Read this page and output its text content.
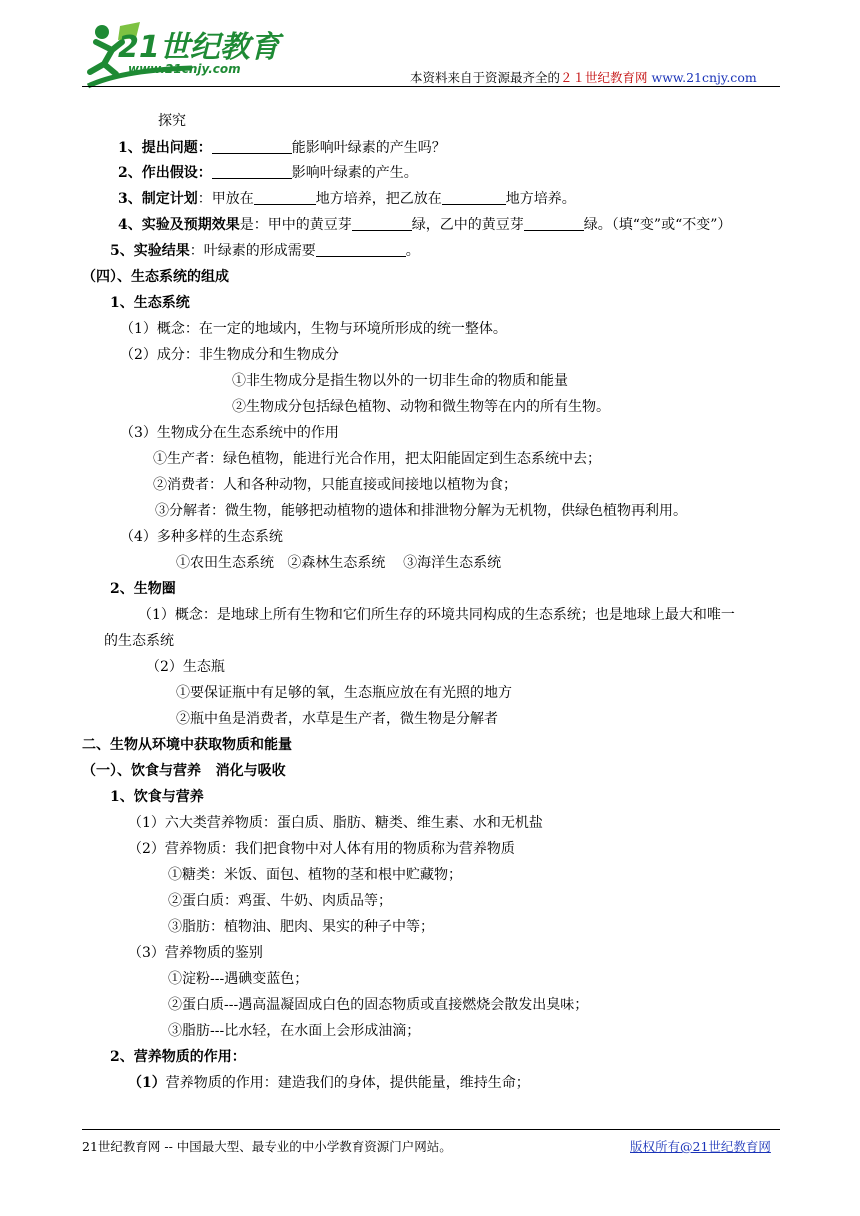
21世纪教育
www.21cnjy.com
本资料来自于资源最齐全的２１世纪教育网 www.21cnjy.com
探究
1、提出问题：	能影响叶绿素的产生吗？
2、作出假设：	影响叶绿素的产生。
3、制定计划：甲放在	地方培养，把乙放在	地方培养。
4、实验及预期效果是：甲中的黄豆芽	绿，乙中的黄豆芽	绿。（填“变”或“不变”）
5、实验结果：叶绿素的形成需要	。
（四）、生态系统的组成
1、生态系统
（1）概念：在一定的地域内，生物与环境所形成的统一整体。
（2）成分：非生物成分和生物成分
①非生物成分是指生物以外的一切非生命的物质和能量
②生物成分包括绿色植物、动物和微生物等在内的所有生物。
（3）生物成分在生态系统中的作用
①生产者：绿色植物，能进行光合作用，把太阳能固定到生态系统中去；
②消费者：人和各种动物，只能直接或间接地以植物为食；
③分解者：微生物，能够把动植物的遗体和排泄物分解为无机物，供绿色植物再利用。
（4）多种多样的生态系统
①农田生态系统   ②森林生态系统    ③海洋生态系统
2、生物圈
（1）概念：是地球上所有生物和它们所生存的环境共同构成的生态系统；也是地球上最大和唯一
的生态系统
（2）生态瓶
①要保证瓶中有足够的氧，生态瓶应放在有光照的地方
②瓶中鱼是消费者，水草是生产者，微生物是分解者
二、生物从环境中获取物质和能量
（一）、饮食与营养   消化与吸收
1、饮食与营养
（1）六大类营养物质：蛋白质、脂肪、糖类、维生素、水和无机盐
（2）营养物质：我们把食物中对人体有用的物质称为营养物质
①糖类：米饭、面包、植物的茎和根中贮藏物；
②蛋白质：鸡蛋、牛奶、肉质品等；
③脂肪：植物油、肥肉、果实的种子中等；
（3）营养物质的鉴别
①淀粉---遇碘变蓝色；
②蛋白质---遇高温凝固成白色的固态物质或直接燃烧会散发出臭味；
③脂肪---比水轻，在水面上会形成油滴；
2、营养物质的作用：
（1）营养物质的作用：建造我们的身体，提供能量，维持生命；
21世纪教育网 -- 中国最大型、最专业的中小学教育资源门户网站。	版权所有@21世纪教育网
